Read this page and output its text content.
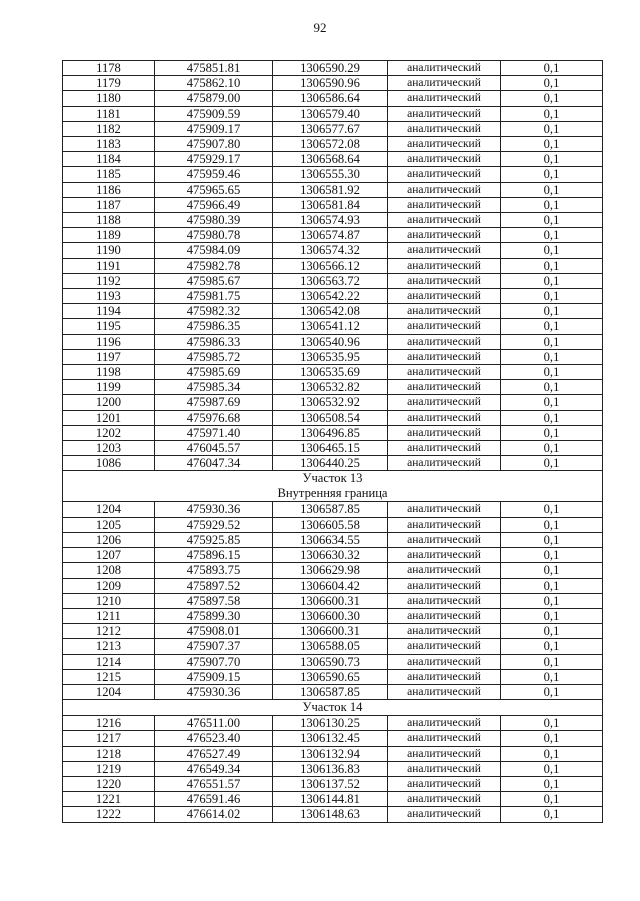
92
1178	475851.81	1306590.29	аналитический	0,1
1179	475862.10	1306590.96	аналитический	0,1
1180	475879.00	1306586.64	аналитический	0,1
1181	475909.59	1306579.40	аналитический	0,1
1182	475909.17	1306577.67	аналитический	0,1
1183	475907.80	1306572.08	аналитический	0,1
1184	475929.17	1306568.64	аналитический	0,1
1185	475959.46	1306555.30	аналитический	0,1
1186	475965.65	1306581.92	аналитический	0,1
1187	475966.49	1306581.84	аналитический	0,1
1188	475980.39	1306574.93	аналитический	0,1
1189	475980.78	1306574.87	аналитический	0,1
1190	475984.09	1306574.32	аналитический	0,1
1191	475982.78	1306566.12	аналитический	0,1
1192	475985.67	1306563.72	аналитический	0,1
1193	475981.75	1306542.22	аналитический	0,1
1194	475982.32	1306542.08	аналитический	0,1
1195	475986.35	1306541.12	аналитический	0,1
1196	475986.33	1306540.96	аналитический	0,1
1197	475985.72	1306535.95	аналитический	0,1
1198	475985.69	1306535.69	аналитический	0,1
1199	475985.34	1306532.82	аналитический	0,1
1200	475987.69	1306532.92	аналитический	0,1
1201	475976.68	1306508.54	аналитический	0,1
1202	475971.40	1306496.85	аналитический	0,1
1203	476045.57	1306465.15	аналитический	0,1
1086	476047.34	1306440.25	аналитический	0,1

Участок 13
Внутренняя граница				

1204	475930.36	1306587.85	аналитический	0,1
1205	475929.52	1306605.58	аналитический	0,1
1206	475925.85	1306634.55	аналитический	0,1
1207	475896.15	1306630.32	аналитический	0,1
1208	475893.75	1306629.98	аналитический	0,1
1209	475897.52	1306604.42	аналитический	0,1
1210	475897.58	1306600.31	аналитический	0,1
1211	475899.30	1306600.30	аналитический	0,1
1212	475908.01	1306600.31	аналитический	0,1
1213	475907.37	1306588.05	аналитический	0,1
1214	475907.70	1306590.73	аналитический	0,1
1215	475909.15	1306590.65	аналитический	0,1
1204	475930.36	1306587.85	аналитический	0,1

Участок 14				

1216	476511.00	1306130.25	аналитический	0,1
1217	476523.40	1306132.45	аналитический	0,1
1218	476527.49	1306132.94	аналитический	0,1
1219	476549.34	1306136.83	аналитический	0,1
1220	476551.57	1306137.52	аналитический	0,1
1221	476591.46	1306144.81	аналитический	0,1
1222	476614.02	1306148.63	аналитический	0,1
